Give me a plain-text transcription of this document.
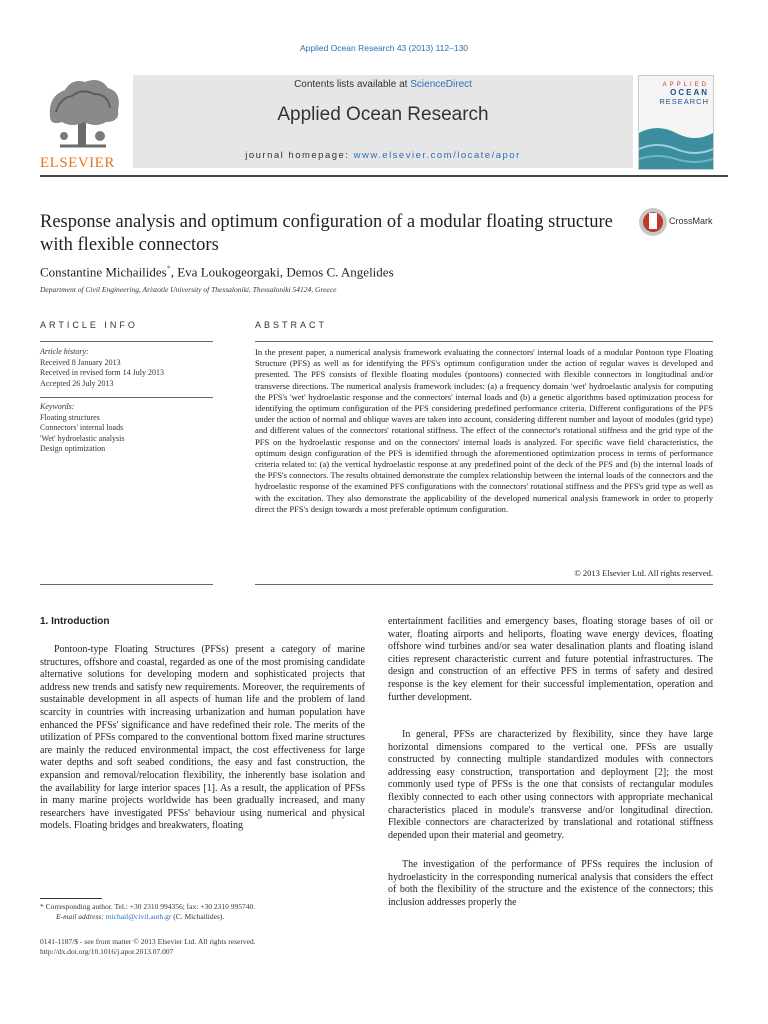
Applied Ocean Research 43 (2013) 112–130
ELSEVIER
Contents lists available at ScienceDirect
Applied Ocean Research
journal homepage: www.elsevier.com/locate/apor
APPLIED
OCEAN
RESEARCH
Response analysis and optimum configuration of a modular floating structure with flexible connectors
CrossMark
Constantine Michailides*, Eva Loukogeorgaki, Demos C. Angelides
Department of Civil Engineering, Aristotle University of Thessaloniki, Thessaloniki 54124, Greece
ARTICLE INFO
Article history:
Received 8 January 2013
Received in revised form 14 July 2013
Accepted 26 July 2013
Keywords:
Floating structures
Connectors' internal loads
'Wet' hydroelastic analysis
Design optimization
ABSTRACT
In the present paper, a numerical analysis framework evaluating the connectors' internal loads of a modular Pontoon type Floating Structure (PFS) as well as for identifying the PFS's optimum configuration under the action of regular waves is developed and presented. The PFS consists of flexible floating modules (pontoons) connected with flexible connectors in longitudinal and/or transverse directions. The numerical analysis framework includes: (a) a frequency domain 'wet' hydroelastic analysis for computing the PFS's 'wet' hydroelastic response and the connectors' internal loads and (b) a genetic algorithms based optimization process for identifying the optimum configuration of the PFS considering predefined performance criteria. Different configurations of the PFS under the action of normal and oblique waves are taken into account, considering different number and layout of modules (grid type) and different values of the connectors' rotational stiffness. The effect of the connector's rotational stiffness and the grid type of the PFS on the hydroelastic response and on the connectors' internal loads is analyzed. For specific wave field characteristics, the optimum design configuration of the PFS is identified through the aforementioned optimization process in terms of performance criteria related to: (a) the vertical hydroelastic response at any predefined point of the deck of the PFS and (b) the internal loads of the PFS's connectors. The results obtained demonstrate the complex relationship between the internal loads of the connectors and the hydroelastic response of the examined PFS configurations with the connectors' rotational stiffness and the PFS's grid type as well as with the excitation. They also demonstrate the applicability of the developed numerical analysis framework in order to properly direct the PFS's design towards a most preferable optimum configuration.
© 2013 Elsevier Ltd. All rights reserved.
1. Introduction
Pontoon-type Floating Structures (PFSs) present a category of marine structures, offshore and coastal, regarded as one of the most promising candidate alternative solutions for developing modern and sophisticated projects that address new trends and satisfy new requirements. Moreover, the requirements of sustainable development in all aspects of human life and the problem of land scarcity in countries with increasing urbanization and human population have enhanced the PFSs' significance and have redefined their role. The merits of the utilization of PFSs compared to the conventional bottom fixed marine structures are mainly the reduced environmental impact, the cost effectiveness for large water depths and soft seabed conditions, the easy and fast construction, the expansion and removal/relocation flexibility, the inherently base isolation and the availability for large interior spaces [1]. As a result, the application of PFSs in many marine projects worldwide has been gradually increased, and many researchers have investigated PFSs' behaviour using numerical and physical models. Floating bridges and breakwaters, floating
entertainment facilities and emergency bases, floating storage bases of oil or water, floating airports and heliports, floating wave energy devices, floating offshore wind turbines and/or sea water desalination plants and floating island cities represent characteristic current and future potential infrastructures. The design and construction of an effective PFS in terms of safety and desired response is the key element for their successful implementation, operation and further development.
In general, PFSs are characterized by flexibility, since they have large horizontal dimensions compared to the vertical one. PFSs are usually constructed by connecting multiple standardized modules with connectors addressing easy construction, transportation and deployment [2]; the most commonly used type of PFSs is the one that consists of rectangular modules flexibly connected to each other using connectors with appropriate mechanical characteristics placed in module's transverse and/or longitudinal direction. Flexible connectors are characterized by translational and rotational stiffness depended upon their material and geometry.
The investigation of the performance of PFSs requires the inclusion of hydroelasticity in the corresponding numerical analysis that considers the effect of both the flexibility of the structure and the existence of the connectors; this inclusion addresses properly the
* Corresponding author. Tel.: +30 2310 994356; fax: +30 2310 995740.
E-mail address: michail@civil.auth.gr (C. Michailides).
0141-1187/$ - see front matter © 2013 Elsevier Ltd. All rights reserved.
http://dx.doi.org/10.1016/j.apor.2013.07.007
